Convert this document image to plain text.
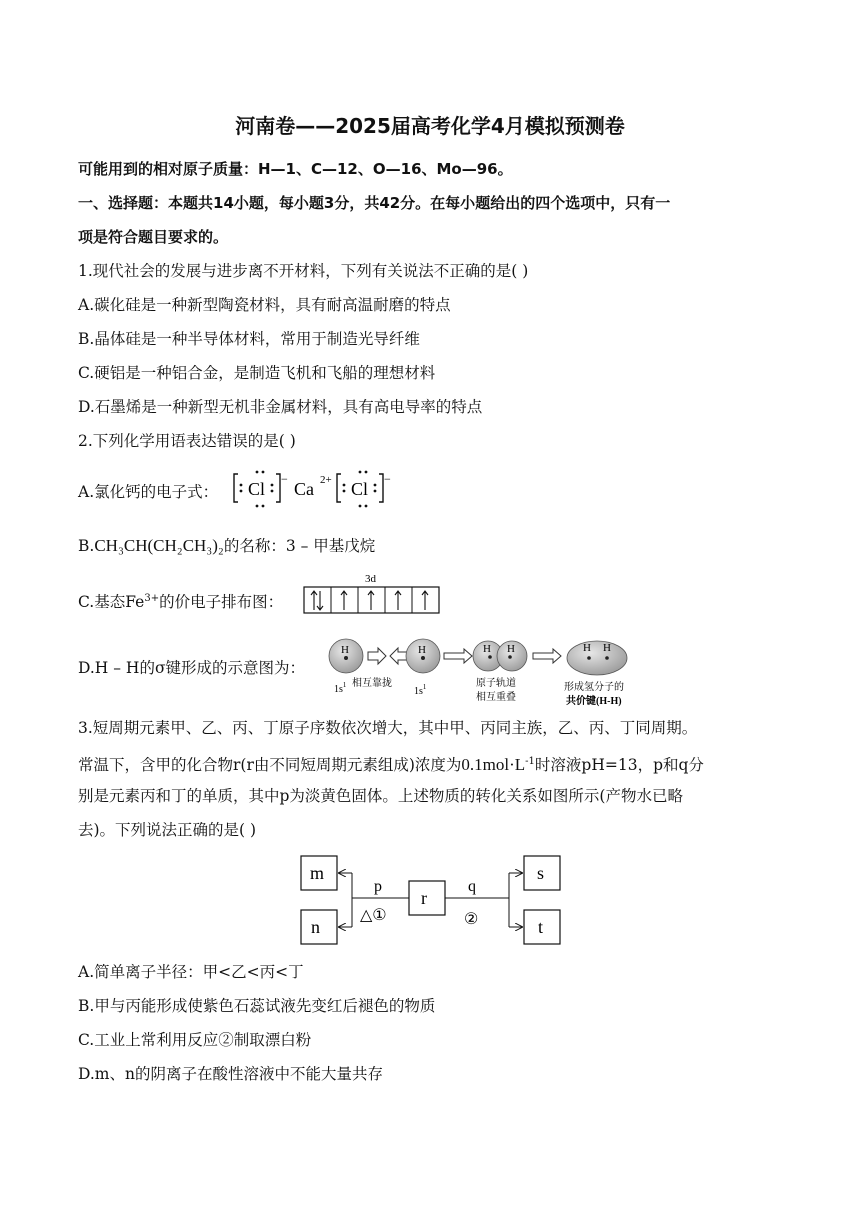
河南卷——2025届高考化学4月模拟预测卷
可能用到的相对原子质量：H—1、C—12、O—16、Mo—96。
一、选择题：本题共14小题，每小题3分，共42分。在每小题给出的四个选项中，只有一
项是符合题目要求的。
1.现代社会的发展与进步离不开材料，下列有关说法不正确的是( )
A.碳化硅是一种新型陶瓷材料，具有耐高温耐磨的特点
B.晶体硅是一种半导体材料，常用于制造光导纤维
C.硬铝是一种铝合金，是制造飞机和飞船的理想材料
D.石墨烯是一种新型无机非金属材料，具有高电导率的特点
2.下列化学用语表达错误的是( )
A.氯化钙的电子式： Cl − Ca 2+ Cl −
B.CH₃CH(CH₂CH₃)₂的名称：3 – 甲基戊烷
C.基态$Fe^{3+}$的价电子排布图：
3d
D.H – H的σ键形成的示意图为：
H
$1s^1$
H
相互靠拢
$1s^1$
H H
原子轨道
相互重叠
H H
形成氢分子的
共价键(H-H)
3.短周期元素甲、乙、丙、丁原子序数依次增大，其中甲、丙同主族，乙、丙、丁同周期。
常温下，含甲的化合物r(r由不同短周期元素组成)浓度为$0.1mol\cdot L^{-1}$时溶液pH=13，p和q分
别是元素丙和丁的单质，其中p为淡黄色固体。上述物质的转化关系如图所示(产物水已略
去)。下列说法正确的是( )
m
n
r
s
t
p
△①
q
②
A.简单离子半径：甲<乙<丙<丁
B.甲与丙能形成使紫色石蕊试液先变红后褪色的物质
C.工业上常利用反应②制取漂白粉
D.m、n的阴离子在酸性溶液中不能大量共存
